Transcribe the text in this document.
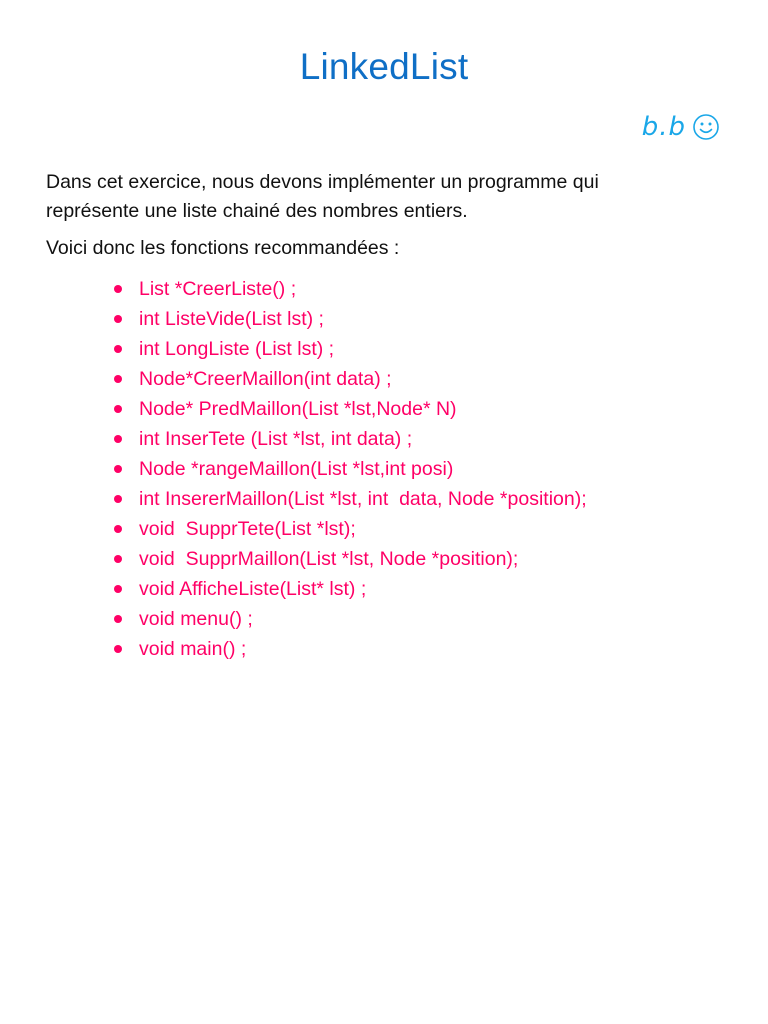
LinkedList
b.b

Dans cet exercice, nous devons implémenter un programme qui
représente une liste chainé des nombres entiers.

Voici donc les fonctions recommandées :

List *CreerListe() ;
int ListeVide(List lst) ;
int LongListe (List lst) ;
Node*CreerMaillon(int data) ;
Node* PredMaillon(List *lst,Node* N)
int InserTete (List *lst, int data) ;
Node *rangeMaillon(List *lst,int posi)
int InsererMaillon(List *lst, int  data, Node *position);
void  SupprTete(List *lst);
void  SupprMaillon(List *lst, Node *position);
void AfficheListe(List* lst) ;
void menu() ;
void main() ;
